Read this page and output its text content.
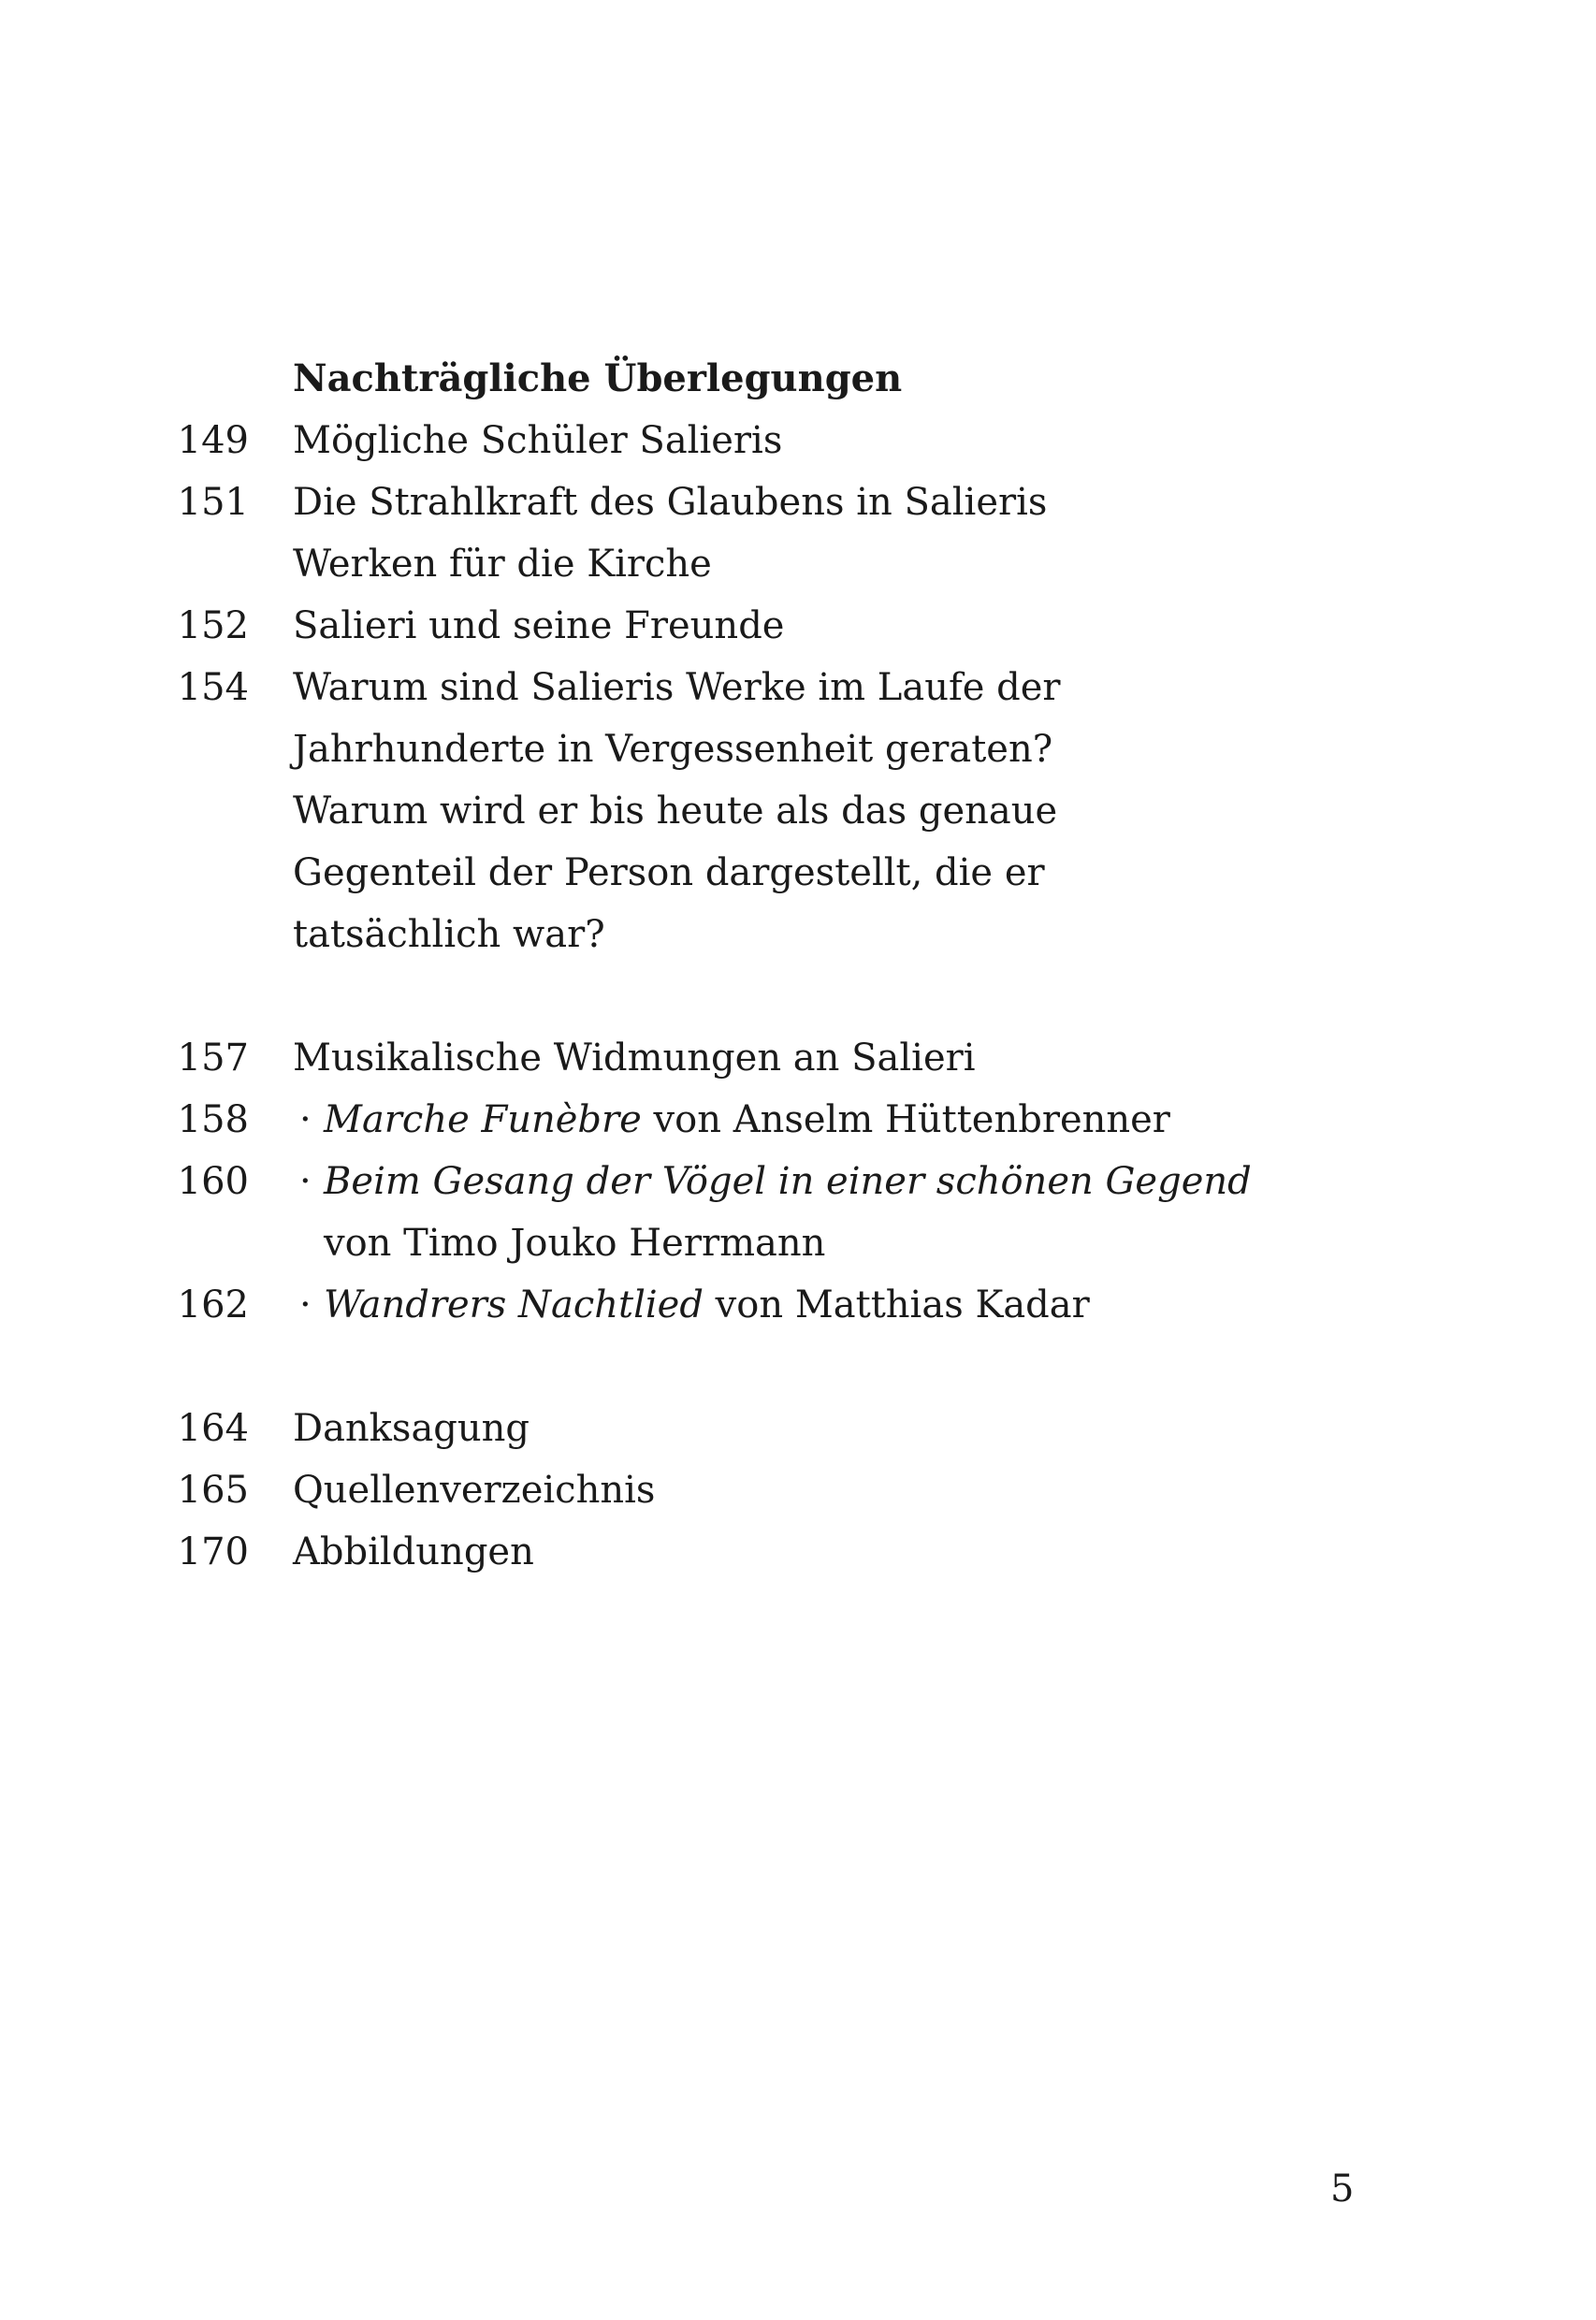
Nachträgliche Überlegungen
149 Mögliche Schüler Salieris
151 Die Strahlkraft des Glaubens in Salieris
Werken für die Kirche
152 Salieri und seine Freunde
154 Warum sind Salieris Werke im Laufe der
Jahrhunderte in Vergessenheit geraten?
Warum wird er bis heute als das genaue
Gegenteil der Person dargestellt, die er
tatsächlich war?
157 Musikalische Widmungen an Salieri
158 · Marche Funèbre von Anselm Hüttenbrenner
160 · Beim Gesang der Vögel in einer schönen Gegend
von Timo Jouko Herrmann
162 · Wandrers Nachtlied von Matthias Kadar
164 Danksagung
165 Quellenverzeichnis
170 Abbildungen
5
